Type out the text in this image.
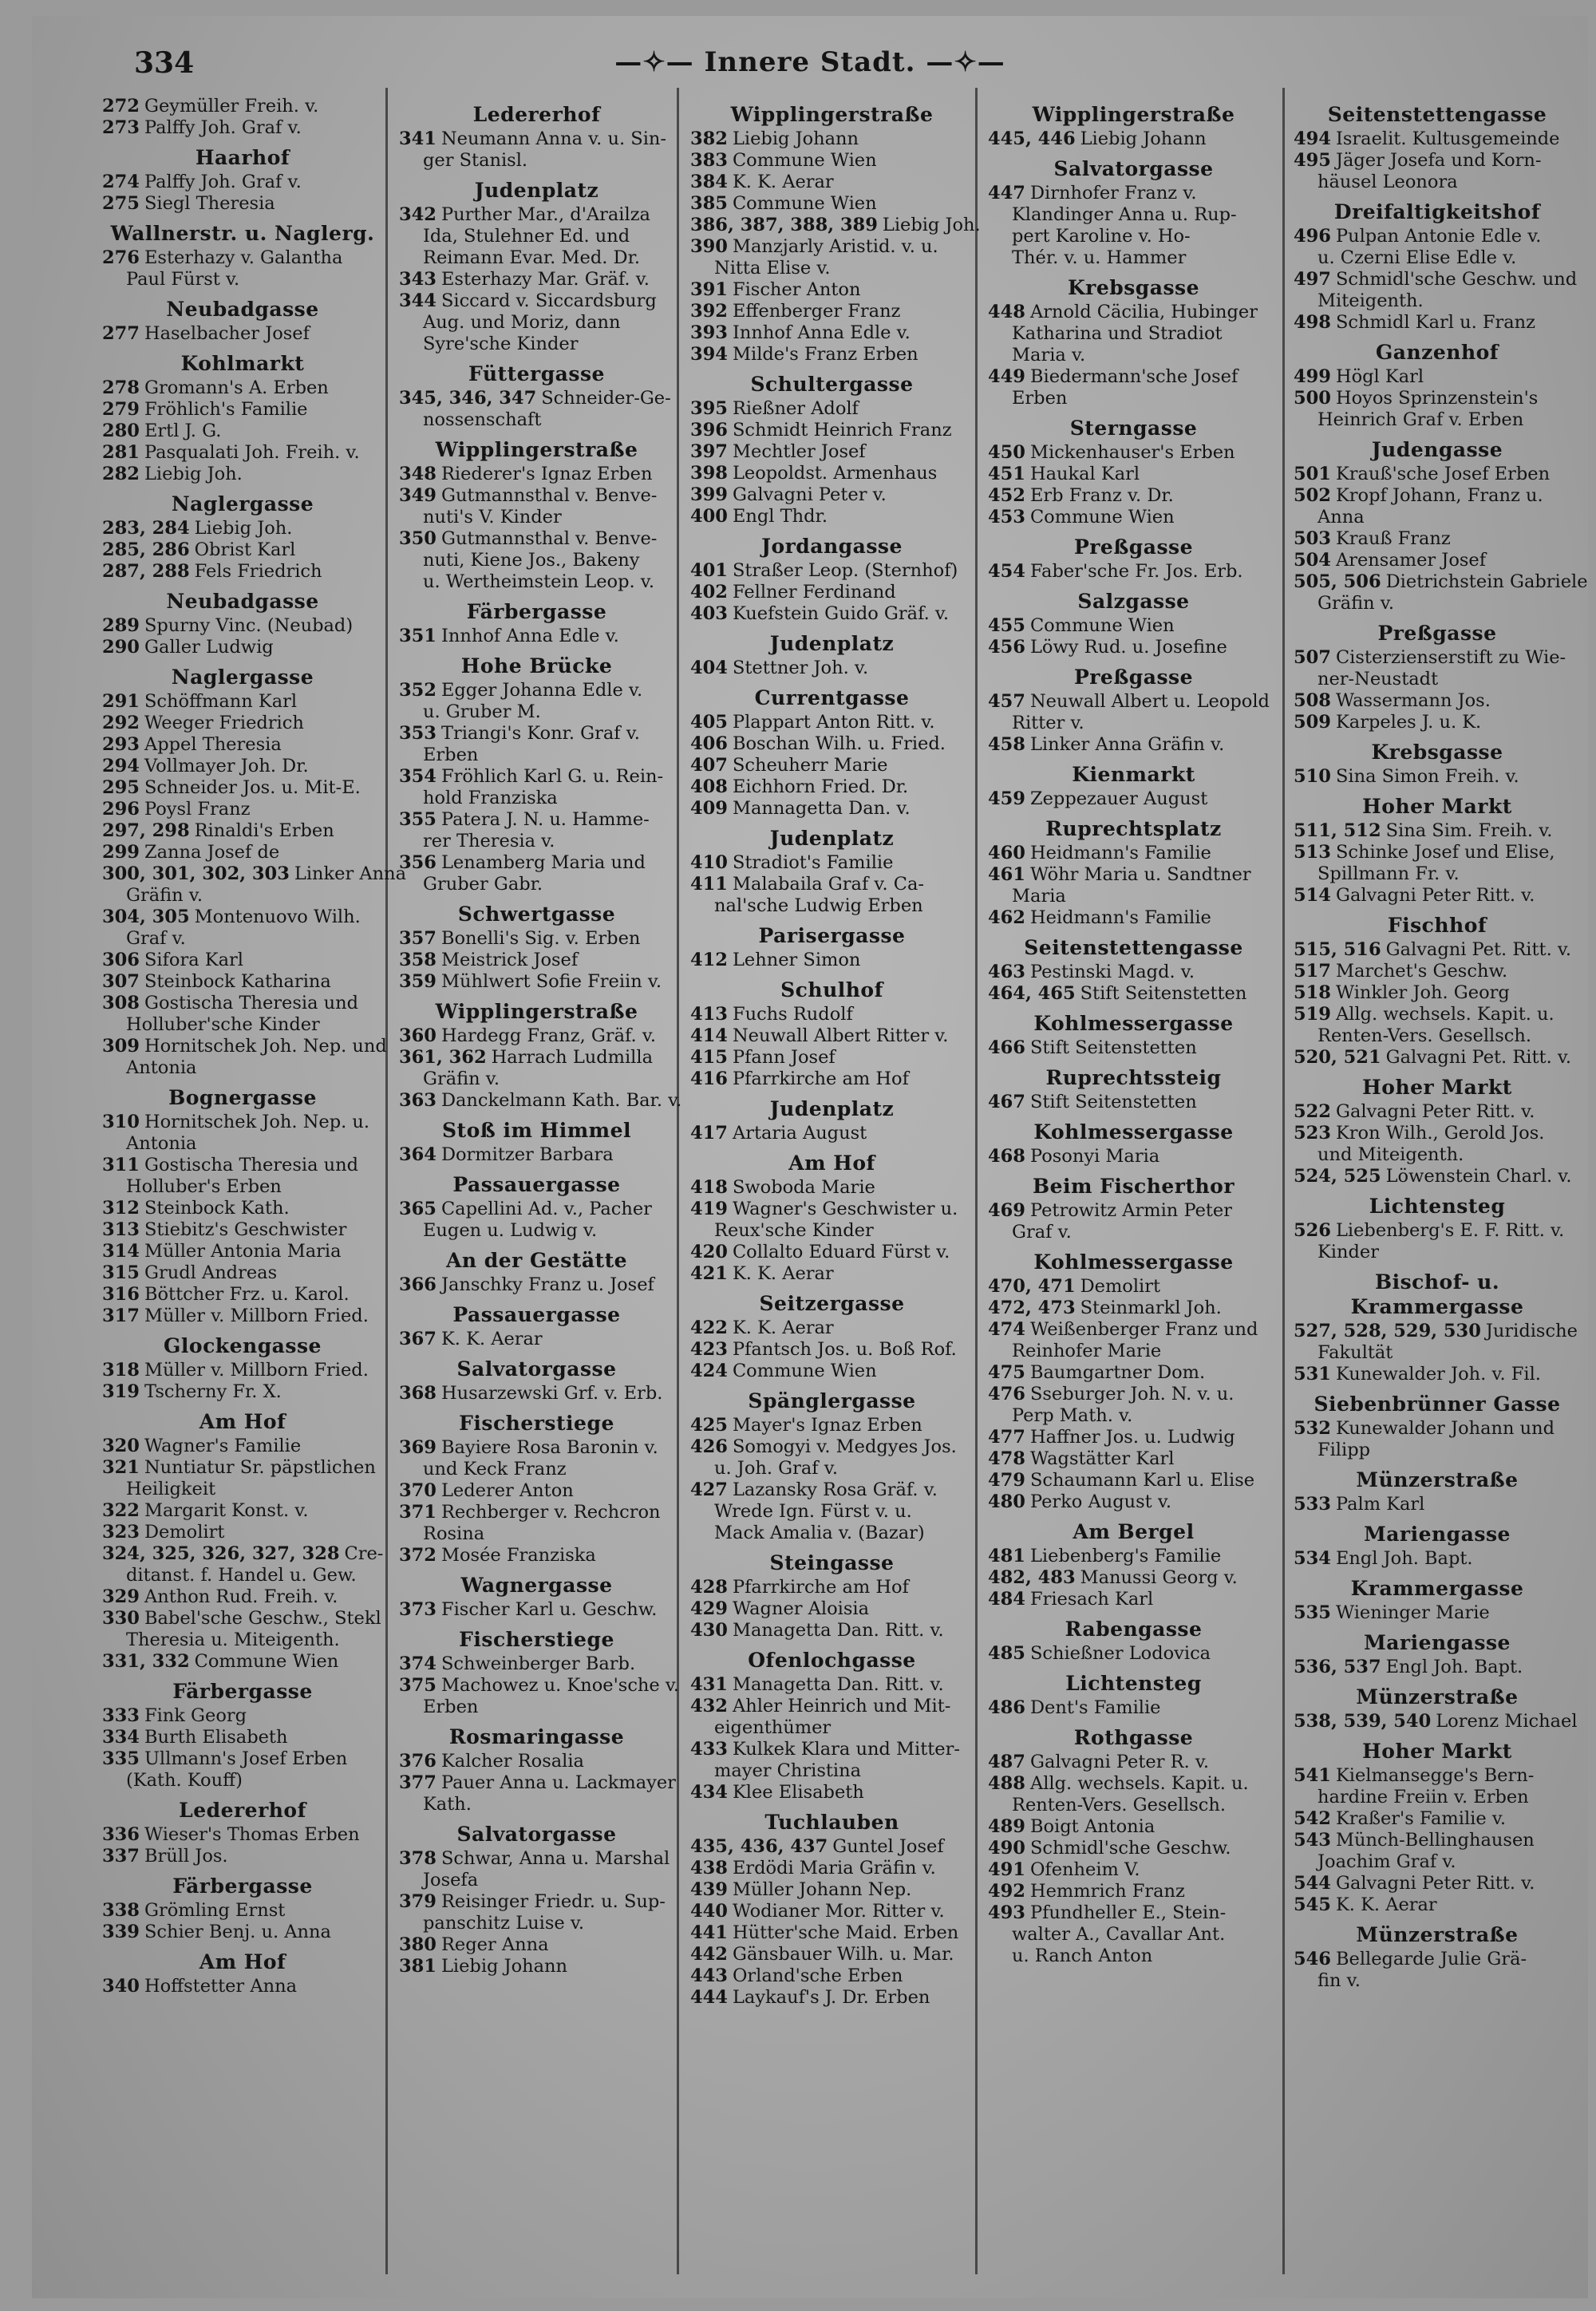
334	—✧— Innere Stadt. —✧—
272 Geymüller Freih. v.
273 Palffy Joh. Graf v.
Haarhof
274 Palffy Joh. Graf v.
275 Siegl Theresia
Wallnerstr. u. Naglerg.
276 Esterhazy v. Galantha
Paul Fürst v.
Neubadgasse
277 Haselbacher Josef
Kohlmarkt
278 Gromann's A. Erben
279 Fröhlich's Familie
280 Ertl J. G.
281 Pasqualati Joh. Freih. v.
282 Liebig Joh.
Naglergasse
283, 284 Liebig Joh.
285, 286 Obrist Karl
287, 288 Fels Friedrich
Neubadgasse
289 Spurny Vinc. (Neubad)
290 Galler Ludwig
Naglergasse
291 Schöffmann Karl
292 Weeger Friedrich
293 Appel Theresia
294 Vollmayer Joh. Dr.
295 Schneider Jos. u. Mit-E.
296 Poysl Franz
297, 298 Rinaldi's Erben
299 Zanna Josef de
300, 301, 302, 303 Linker Anna
Gräfin v.
304, 305 Montenuovo Wilh.
Graf v.
306 Sifora Karl
307 Steinbock Katharina
308 Gostischa Theresia und
Holluber'sche Kinder
309 Hornitschek Joh. Nep. und
Antonia
Bognergasse
310 Hornitschek Joh. Nep. u.
Antonia
311 Gostischa Theresia und
Holluber's Erben
312 Steinbock Kath.
313 Stiebitz's Geschwister
314 Müller Antonia Maria
315 Grudl Andreas
316 Böttcher Frz. u. Karol.
317 Müller v. Millborn Fried.
Glockengasse
318 Müller v. Millborn Fried.
319 Tscherny Fr. X.
Am Hof
320 Wagner's Familie
321 Nuntiatur Sr. päpstlichen
Heiligkeit
322 Margarit Konst. v.
323 Demolirt
324, 325, 326, 327, 328 Cre-
ditanst. f. Handel u. Gew.
329 Anthon Rud. Freih. v.
330 Babel'sche Geschw., Stekl
Theresia u. Miteigenth.
331, 332 Commune Wien
Färbergasse
333 Fink Georg
334 Burth Elisabeth
335 Ullmann's Josef Erben
(Kath. Kouff)
Ledererhof
336 Wieser's Thomas Erben
337 Brüll Jos.
Färbergasse
338 Grömling Ernst
339 Schier Benj. u. Anna
Am Hof
340 Hoffstetter Anna
Ledererhof
341 Neumann Anna v. u. Sin-
ger Stanisl.
Judenplatz
342 Purther Mar., d'Arailza
Ida, Stulehner Ed. und
Reimann Evar. Med. Dr.
343 Esterhazy Mar. Gräf. v.
344 Siccard v. Siccardsburg
Aug. und Moriz, dann
Syre'sche Kinder
Füttergasse
345, 346, 347 Schneider-Ge-
nossenschaft
Wipplingerstraße
348 Riederer's Ignaz Erben
349 Gutmannsthal v. Benve-
nuti's V. Kinder
350 Gutmannsthal v. Benve-
nuti, Kiene Jos., Bakeny
u. Wertheimstein Leop. v.
Färbergasse
351 Innhof Anna Edle v.
Hohe Brücke
352 Egger Johanna Edle v.
u. Gruber M.
353 Triangi's Konr. Graf v.
Erben
354 Fröhlich Karl G. u. Rein-
hold Franziska
355 Patera J. N. u. Hamme-
rer Theresia v.
356 Lenamberg Maria und
Gruber Gabr.
Schwertgasse
357 Bonelli's Sig. v. Erben
358 Meistrick Josef
359 Mühlwert Sofie Freiin v.
Wipplingerstraße
360 Hardegg Franz, Gräf. v.
361, 362 Harrach Ludmilla
Gräfin v.
363 Danckelmann Kath. Bar. v.
Stoß im Himmel
364 Dormitzer Barbara
Passauergasse
365 Capellini Ad. v., Pacher
Eugen u. Ludwig v.
An der Gestätte
366 Janschky Franz u. Josef
Passauergasse
367 K. K. Aerar
Salvatorgasse
368 Husarzewski Grf. v. Erb.
Fischerstiege
369 Bayiere Rosa Baronin v.
und Keck Franz
370 Lederer Anton
371 Rechberger v. Rechcron
Rosina
372 Mosée Franziska
Wagnergasse
373 Fischer Karl u. Geschw.
Fischerstiege
374 Schweinberger Barb.
375 Machowez u. Knoe'sche v.
Erben
Rosmaringasse
376 Kalcher Rosalia
377 Pauer Anna u. Lackmayer
Kath.
Salvatorgasse
378 Schwar, Anna u. Marshal
Josefa
379 Reisinger Friedr. u. Sup-
panschitz Luise v.
380 Reger Anna
381 Liebig Johann
Wipplingerstraße
382 Liebig Johann
383 Commune Wien
384 K. K. Aerar
385 Commune Wien
386, 387, 388, 389 Liebig Joh.
390 Manzjarly Aristid. v. u.
Nitta Elise v.
391 Fischer Anton
392 Effenberger Franz
393 Innhof Anna Edle v.
394 Milde's Franz Erben
Schultergasse
395 Rießner Adolf
396 Schmidt Heinrich Franz
397 Mechtler Josef
398 Leopoldst. Armenhaus
399 Galvagni Peter v.
400 Engl Thdr.
Jordangasse
401 Straßer Leop. (Sternhof)
402 Fellner Ferdinand
403 Kuefstein Guido Gräf. v.
Judenplatz
404 Stettner Joh. v.
Currentgasse
405 Plappart Anton Ritt. v.
406 Boschan Wilh. u. Fried.
407 Scheuherr Marie
408 Eichhorn Fried. Dr.
409 Mannagetta Dan. v.
Judenplatz
410 Stradiot's Familie
411 Malabaila Graf v. Ca-
nal'sche Ludwig Erben
Parisergasse
412 Lehner Simon
Schulhof
413 Fuchs Rudolf
414 Neuwall Albert Ritter v.
415 Pfann Josef
416 Pfarrkirche am Hof
Judenplatz
417 Artaria August
Am Hof
418 Swoboda Marie
419 Wagner's Geschwister u.
Reux'sche Kinder
420 Collalto Eduard Fürst v.
421 K. K. Aerar
Seitzergasse
422 K. K. Aerar
423 Pfantsch Jos. u. Boß Rof.
424 Commune Wien
Spänglergasse
425 Mayer's Ignaz Erben
426 Somogyi v. Medgyes Jos.
u. Joh. Graf v.
427 Lazansky Rosa Gräf. v.
Wrede Ign. Fürst v. u.
Mack Amalia v. (Bazar)
Steingasse
428 Pfarrkirche am Hof
429 Wagner Aloisia
430 Managetta Dan. Ritt. v.
Ofenlochgasse
431 Managetta Dan. Ritt. v.
432 Ahler Heinrich und Mit-
eigenthümer
433 Kulkek Klara und Mitter-
mayer Christina
434 Klee Elisabeth
Tuchlauben
435, 436, 437 Guntel Josef
438 Erdödi Maria Gräfin v.
439 Müller Johann Nep.
440 Wodianer Mor. Ritter v.
441 Hütter'sche Maid. Erben
442 Gänsbauer Wilh. u. Mar.
443 Orland'sche Erben
444 Laykauf's J. Dr. Erben
Wipplingerstraße
445, 446 Liebig Johann
Salvatorgasse
447 Dirnhofer Franz v.
Klandinger Anna u. Rup-
pert Karoline v. Ho-
Thér. v. u. Hammer
Krebsgasse
448 Arnold Cäcilia, Hubinger
Katharina und Stradiot
Maria v.
449 Biedermann'sche Josef
Erben
Sterngasse
450 Mickenhauser's Erben
451 Haukal Karl
452 Erb Franz v. Dr.
453 Commune Wien
Preßgasse
454 Faber'sche Fr. Jos. Erb.
Salzgasse
455 Commune Wien
456 Löwy Rud. u. Josefine
Preßgasse
457 Neuwall Albert u. Leopold
Ritter v.
458 Linker Anna Gräfin v.
Kienmarkt
459 Zeppezauer August
Ruprechtsplatz
460 Heidmann's Familie
461 Wöhr Maria u. Sandtner
Maria
462 Heidmann's Familie
Seitenstettengasse
463 Pestinski Magd. v.
464, 465 Stift Seitenstetten
Kohlmessergasse
466 Stift Seitenstetten
Ruprechtssteig
467 Stift Seitenstetten
Kohlmessergasse
468 Posonyi Maria
Beim Fischerthor
469 Petrowitz Armin Peter
Graf v.
Kohlmessergasse
470, 471 Demolirt
472, 473 Steinmarkl Joh.
474 Weißenberger Franz und
Reinhofer Marie
475 Baumgartner Dom.
476 Sseburger Joh. N. v. u.
Perp Math. v.
477 Haffner Jos. u. Ludwig
478 Wagstätter Karl
479 Schaumann Karl u. Elise
480 Perko August v.
Am Bergel
481 Liebenberg's Familie
482, 483 Manussi Georg v.
484 Friesach Karl
Rabengasse
485 Schießner Lodovica
Lichtensteg
486 Dent's Familie
Rothgasse
487 Galvagni Peter R. v.
488 Allg. wechsels. Kapit. u.
Renten-Vers. Gesellsch.
489 Boigt Antonia
490 Schmidl'sche Geschw.
491 Ofenheim V.
492 Hemmrich Franz
493 Pfundheller E., Stein-
walter A., Cavallar Ant.
u. Ranch Anton
Seitenstettengasse
494 Israelit. Kultusgemeinde
495 Jäger Josefa und Korn-
häusel Leonora
Dreifaltigkeitshof
496 Pulpan Antonie Edle v.
u. Czerni Elise Edle v.
497 Schmidl'sche Geschw. und
Miteigenth.
498 Schmidl Karl u. Franz
Ganzenhof
499 Högl Karl
500 Hoyos Sprinzenstein's
Heinrich Graf v. Erben
Judengasse
501 Krauß'sche Josef Erben
502 Kropf Johann, Franz u.
Anna
503 Krauß Franz
504 Arensamer Josef
505, 506 Dietrichstein Gabriele
Gräfin v.
Preßgasse
507 Cisterzienserstift zu Wie-
ner-Neustadt
508 Wassermann Jos.
509 Karpeles J. u. K.
Krebsgasse
510 Sina Simon Freih. v.
Hoher Markt
511, 512 Sina Sim. Freih. v.
513 Schinke Josef und Elise,
Spillmann Fr. v.
514 Galvagni Peter Ritt. v.
Fischhof
515, 516 Galvagni Pet. Ritt. v.
517 Marchet's Geschw.
518 Winkler Joh. Georg
519 Allg. wechsels. Kapit. u.
Renten-Vers. Gesellsch.
520, 521 Galvagni Pet. Ritt. v.
Hoher Markt
522 Galvagni Peter Ritt. v.
523 Kron Wilh., Gerold Jos.
und Miteigenth.
524, 525 Löwenstein Charl. v.
Lichtensteg
526 Liebenberg's E. F. Ritt. v.
Kinder
Bischof- u. Krammergasse
527, 528, 529, 530 Juridische
Fakultät
531 Kunewalder Joh. v. Fil.
Siebenbrünner Gasse
532 Kunewalder Johann und
Filipp
Münzerstraße
533 Palm Karl
Mariengasse
534 Engl Joh. Bapt.
Krammergasse
535 Wieninger Marie
Mariengasse
536, 537 Engl Joh. Bapt.
Münzerstraße
538, 539, 540 Lorenz Michael
Hoher Markt
541 Kielmansegge's Bern-
hardine Freiin v. Erben
542 Kraßer's Familie v.
543 Münch-Bellinghausen
Joachim Graf v.
544 Galvagni Peter Ritt. v.
545 K. K. Aerar
Münzerstraße
546 Bellegarde Julie Grä-
fin v.
